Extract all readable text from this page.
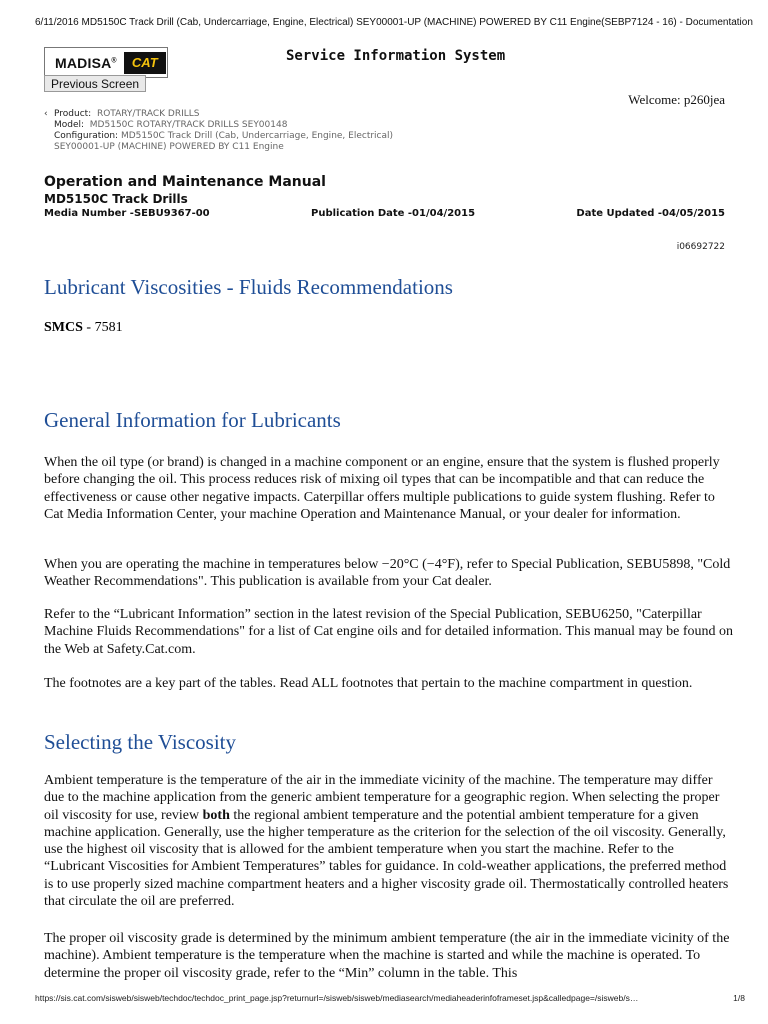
6/11/2016 MD5150C Track Drill (Cab, Undercarriage, Engine, Electrical) SEY00001-UP (MACHINE) POWERED BY C11 Engine(SEBP7124 - 16) - Documentation
MADISA®	CAT	Service Information System
Previous Screen
Welcome: p260jea
‹ Product: ROTARY/TRACK DRILLS
Model: MD5150C ROTARY/TRACK DRILLS SEY00148
Configuration: MD5150C Track Drill (Cab, Undercarriage, Engine, Electrical)
SEY00001-UP (MACHINE) POWERED BY C11 Engine
Operation and Maintenance Manual
MD5150C Track Drills
Media Number -SEBU9367-00	Publication Date -01/04/2015	Date Updated -04/05/2015
i06692722
Lubricant Viscosities - Fluids Recommendations
SMCS - 7581
General Information for Lubricants

When the oil type (or brand) is changed in a machine component or an engine, ensure that the system is flushed properly before changing the oil. This process reduces risk of mixing oil types that can be incompatible and that can reduce the effectiveness or cause other negative impacts. Caterpillar offers multiple publications to guide system flushing. Refer to Cat Media Information Center, your machine Operation and Maintenance Manual, or your dealer for information.

When you are operating the machine in temperatures below −20°C (−4°F), refer to Special Publication, SEBU5898, "Cold Weather Recommendations". This publication is available from your Cat dealer.

Refer to the “Lubricant Information” section in the latest revision of the Special Publication, SEBU6250, "Caterpillar Machine Fluids Recommendations" for a list of Cat engine oils and for detailed information. This manual may be found on the Web at Safety.Cat.com.

The footnotes are a key part of the tables. Read ALL footnotes that pertain to the machine compartment in question.

Selecting the Viscosity

Ambient temperature is the temperature of the air in the immediate vicinity of the machine. The temperature may differ due to the machine application from the generic ambient temperature for a geographic region. When selecting the proper oil viscosity for use, review both the regional ambient temperature and the potential ambient temperature for a given machine application. Generally, use the higher temperature as the criterion for the selection of the oil viscosity. Generally, use the highest oil viscosity that is allowed for the ambient temperature when you start the machine. Refer to the “Lubricant Viscosities for Ambient Temperatures” tables for guidance. In cold-weather applications, the preferred method is to use properly sized machine compartment heaters and a higher viscosity grade oil. Thermostatically controlled heaters that circulate the oil are preferred.

The proper oil viscosity grade is determined by the minimum ambient temperature (the air in the immediate vicinity of the machine). Ambient temperature is the temperature when the machine is started and while the machine is operated. To determine the proper oil viscosity grade, refer to the “Min” column in the table. This

https://sis.cat.com/sisweb/sisweb/techdoc/techdoc_print_page.jsp?returnurl=/sisweb/sisweb/mediasearch/mediaheaderinfoframeset.jsp&calledpage=/sisweb/s…	1/8
